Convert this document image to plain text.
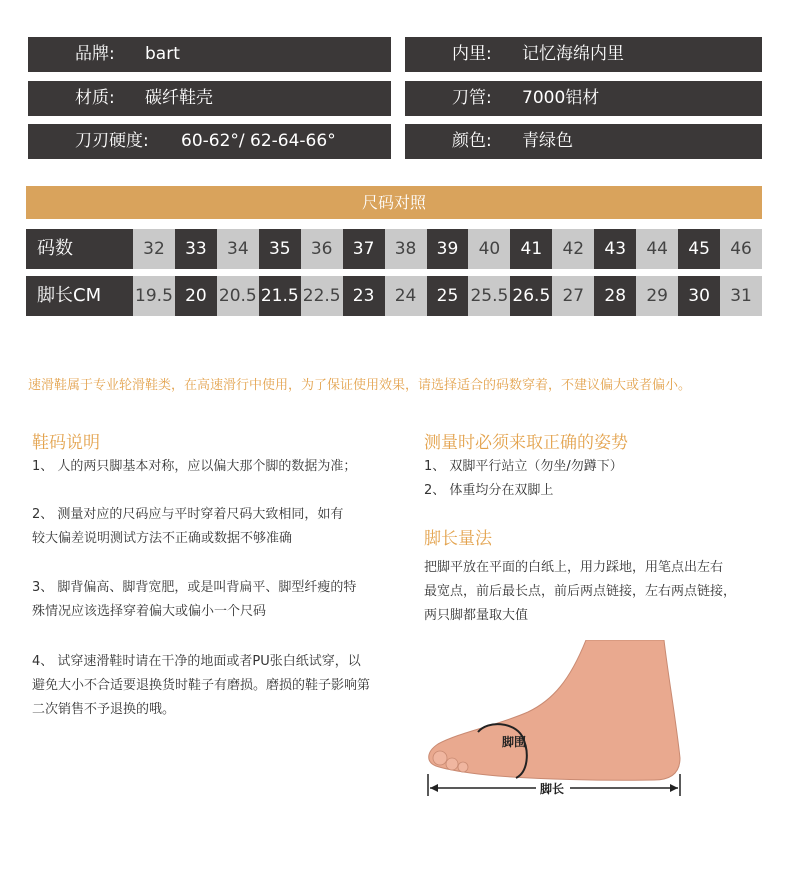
品牌: bart	内里: 记忆海绵内里
材质: 碳纤鞋壳	刀管: 7000铝材
刀刃硬度: 60-62°/ 62-64-66°	颜色: 青绿色
尺码对照
码数	32	33	34	35	36	37	38	39	40	41	42	43	44	45	46
脚长CM	19.5 20 20.5 21.5 22.5 23	24	25 25.5 26.5 27	28	29	30	31
速滑鞋属于专业轮滑鞋类，在高速滑行中使用，为了保证使用效果，请选择适合的码数穿着，不建议偏大或者偏小。
鞋码说明
1、 人的两只脚基本对称，应以偏大那个脚的数据为准；
2、 测量对应的尺码应与平时穿着尺码大致相同，如有
较大偏差说明测试方法不正确或数据不够准确
3、 脚背偏高、脚背宽肥，或是叫背扁平、脚型纤瘦的特
殊情况应该选择穿着偏大或偏小一个尺码
4、 试穿速滑鞋时请在干净的地面或者PU张白纸试穿，以
避免大小不合适要退换货时鞋子有磨损。磨损的鞋子影响第
二次销售不予退换的哦。
测量时必须来取正确的姿势
1、 双脚平行站立（勿坐/勿蹲下）
2、 体重均分在双脚上
脚长量法
把脚平放在平面的白纸上，用力踩地，用笔点出左右
最宽点，前后最长点，前后两点链接，左右两点链接，
两只脚都量取大值
脚围
脚长
